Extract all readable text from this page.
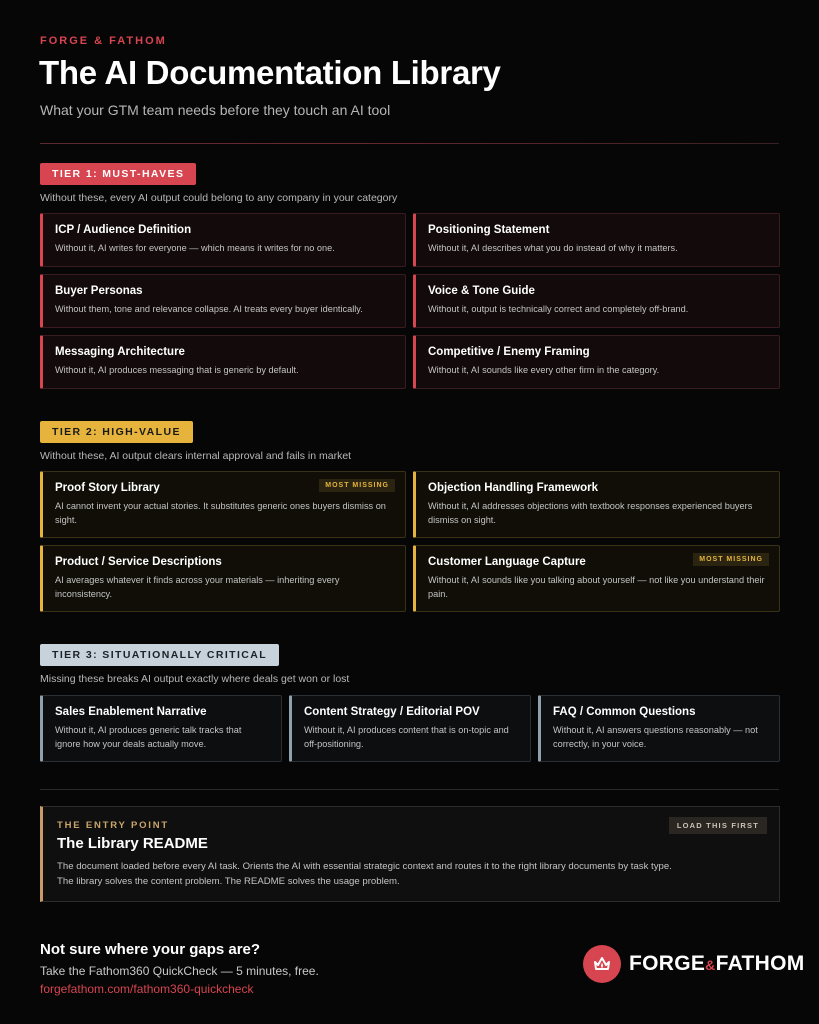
FORGE & FATHOM
The AI Documentation Library
What your GTM team needs before they touch an AI tool
TIER 1: MUST-HAVES
Without these, every AI output could belong to any company in your category
ICP / Audience Definition

Without it, AI writes for everyone — which means it writes for no one.

Positioning Statement

Without it, AI describes what you do instead of why it matters.

Buyer Personas

Without them, tone and relevance collapse. AI treats every buyer identically.

Voice & Tone Guide

Without it, output is technically correct and completely off-brand.

Messaging Architecture

Without it, AI produces messaging that is generic by default.

Competitive / Enemy Framing

Without it, AI sounds like every other firm in the category.

TIER 2: HIGH-VALUE
Without these, AI output clears internal approval and fails in market
MOST MISSING
Proof Story Library

AI cannot invent your actual stories. It substitutes generic ones buyers dismiss on sight.

Objection Handling Framework

Without it, AI addresses objections with textbook responses experienced buyers dismiss on sight.

Product / Service Descriptions

AI averages whatever it finds across your materials — inheriting every inconsistency.

MOST MISSING
Customer Language Capture

Without it, AI sounds like you talking about yourself — not like you understand their pain.

TIER 3: SITUATIONALLY CRITICAL
Missing these breaks AI output exactly where deals get won or lost
Sales Enablement Narrative

Without it, AI produces generic talk tracks that ignore how your deals actually move.

Content Strategy / Editorial POV

Without it, AI produces content that is on-topic and off-positioning.

FAQ / Common Questions

Without it, AI answers questions reasonably — not correctly, in your voice.

LOAD THIS FIRST
THE ENTRY POINT
The Library README

The document loaded before every AI task. Orients the AI with essential strategic context and routes it to the right library documents by task type. The library solves the content problem. The README solves the usage problem.

Not sure where your gaps are?
Take the Fathom360 QuickCheck — 5 minutes, free.
forgefathom.com/fathom360-quickcheck
FORGE&FATHOM
